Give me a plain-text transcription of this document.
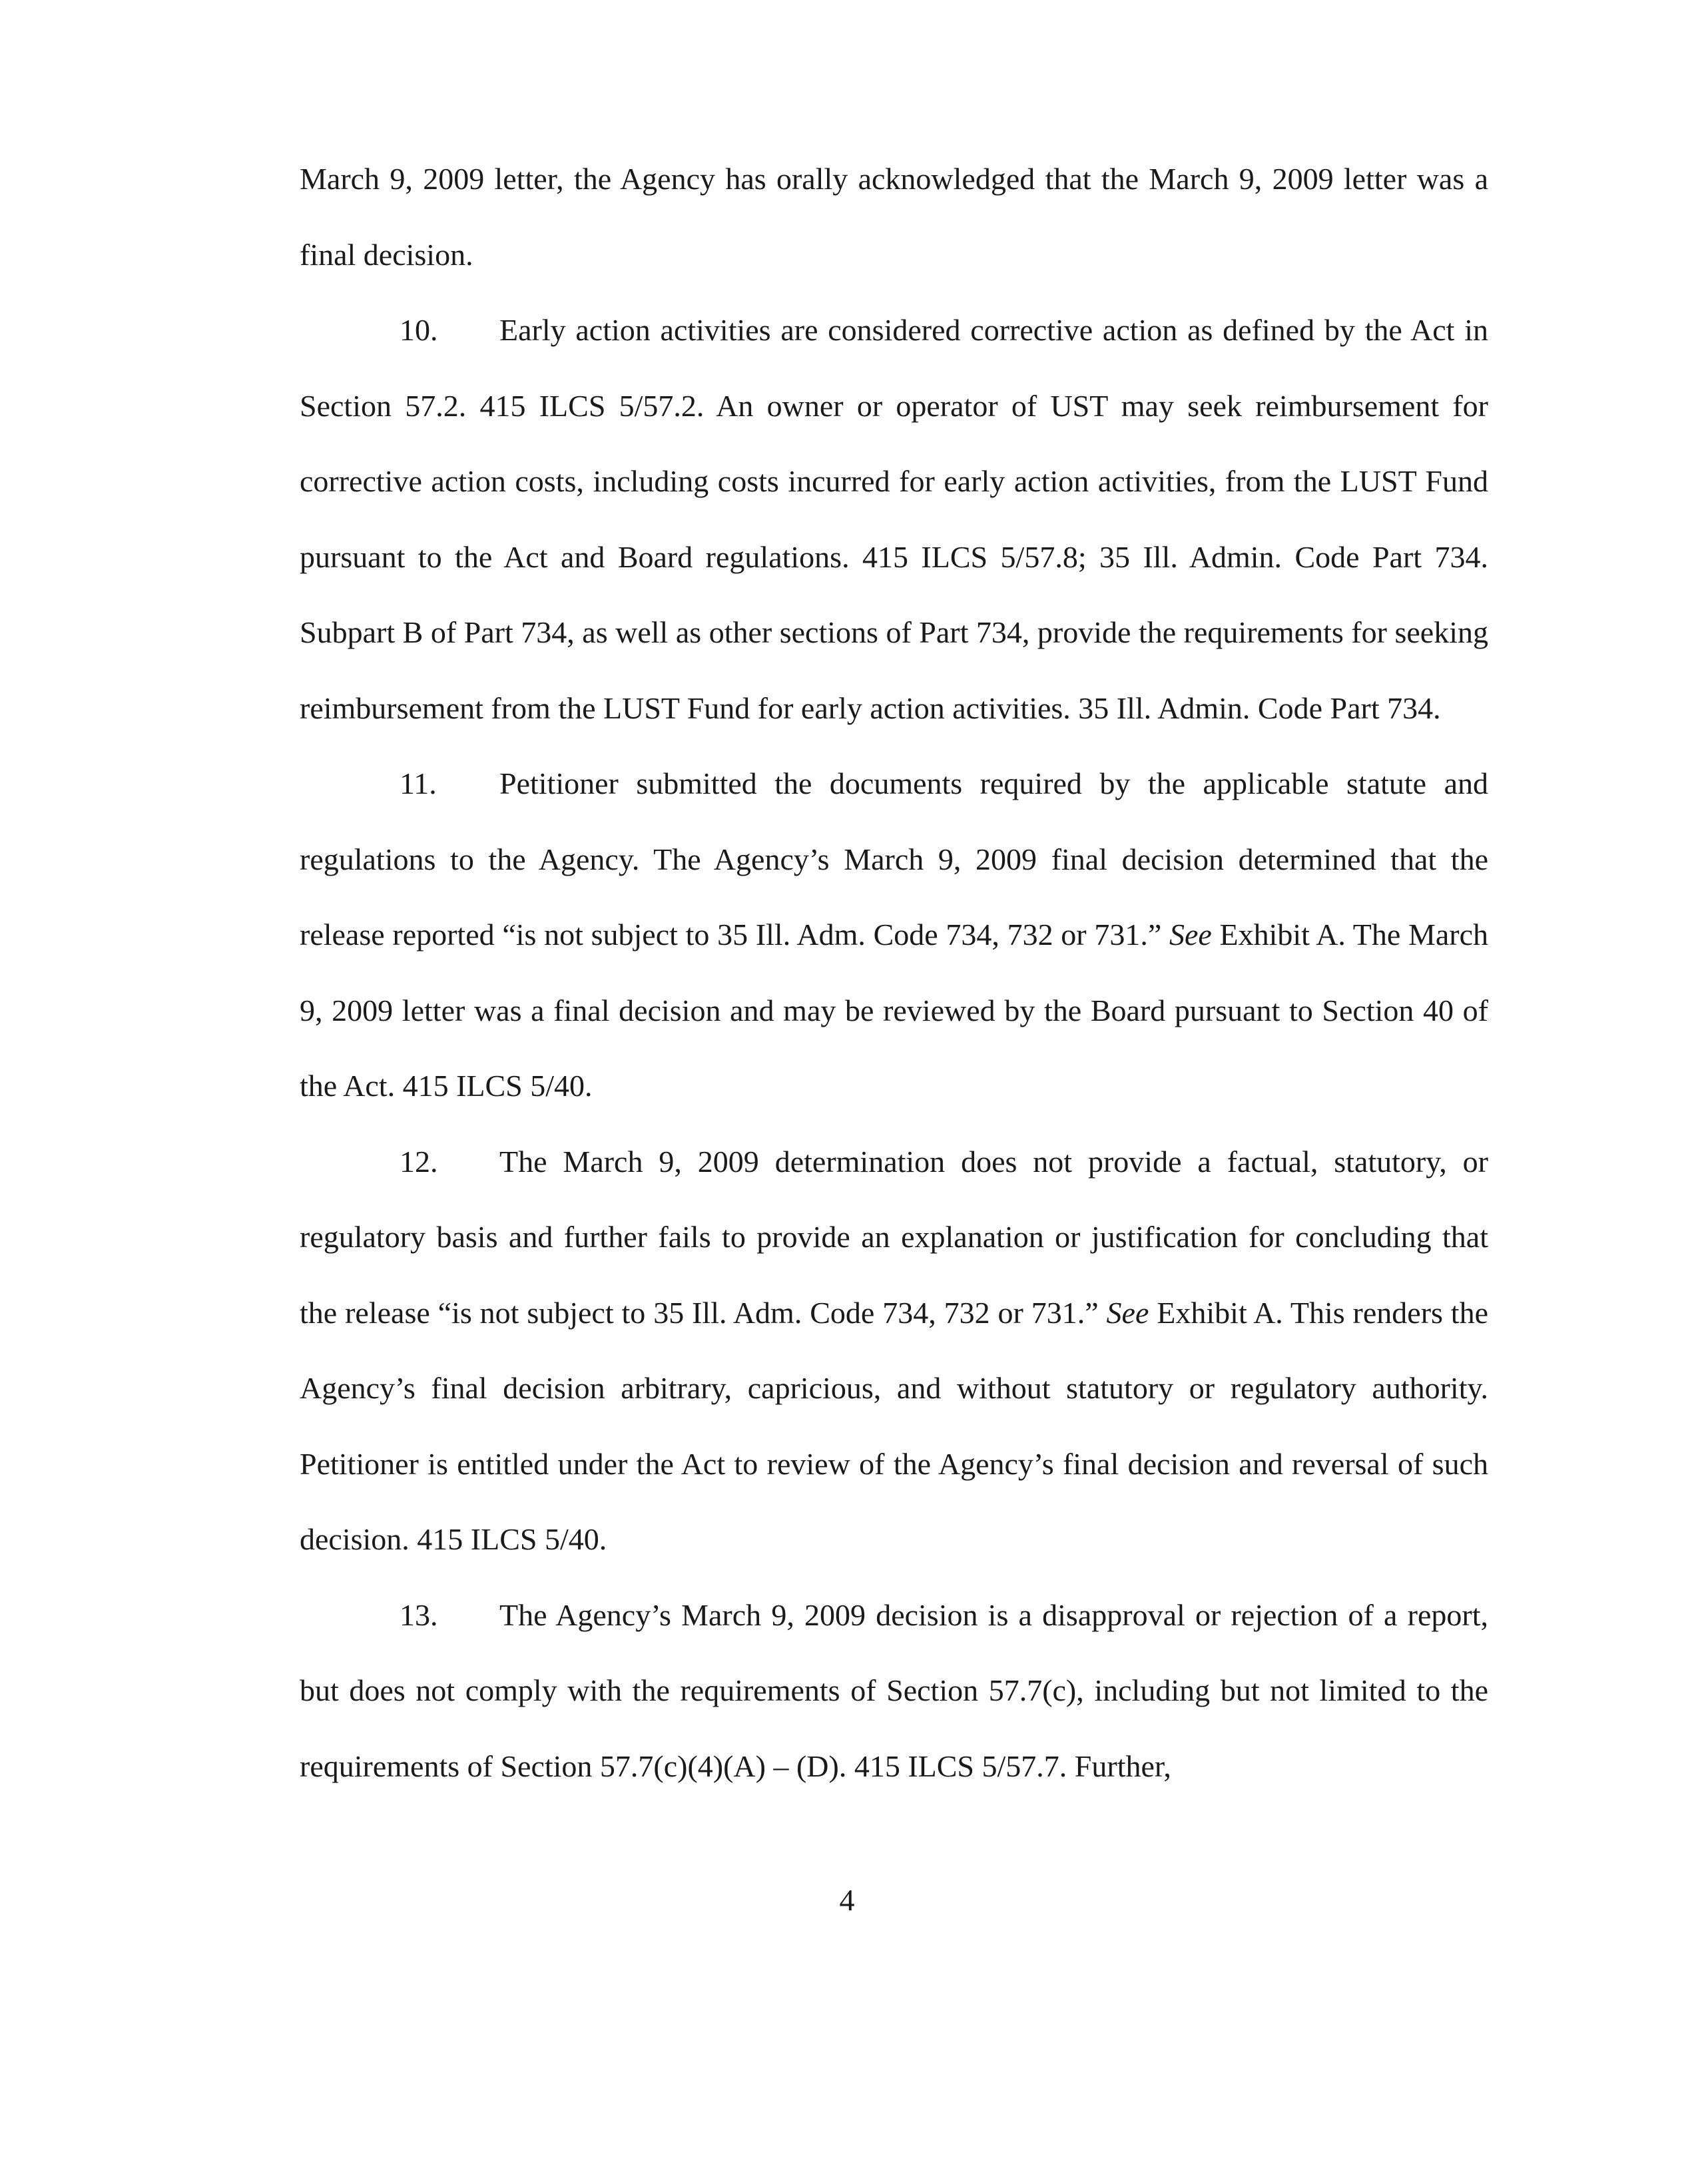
March 9, 2009 letter, the Agency has orally acknowledged that the March 9, 2009 letter was a final decision.

10. Early action activities are considered corrective action as defined by the Act in Section 57.2. 415 ILCS 5/57.2. An owner or operator of UST may seek reimbursement for corrective action costs, including costs incurred for early action activities, from the LUST Fund pursuant to the Act and Board regulations. 415 ILCS 5/57.8; 35 Ill. Admin. Code Part 734. Subpart B of Part 734, as well as other sections of Part 734, provide the requirements for seeking reimbursement from the LUST Fund for early action activities. 35 Ill. Admin. Code Part 734.

11. Petitioner submitted the documents required by the applicable statute and regulations to the Agency. The Agency’s March 9, 2009 final decision determined that the release reported “is not subject to 35 Ill. Adm. Code 734, 732 or 731.” See Exhibit A. The March 9, 2009 letter was a final decision and may be reviewed by the Board pursuant to Section 40 of the Act. 415 ILCS 5/40.

12. The March 9, 2009 determination does not provide a factual, statutory, or regulatory basis and further fails to provide an explanation or justification for concluding that the release “is not subject to 35 Ill. Adm. Code 734, 732 or 731.” See Exhibit A. This renders the Agency’s final decision arbitrary, capricious, and without statutory or regulatory authority. Petitioner is entitled under the Act to review of the Agency’s final decision and reversal of such decision. 415 ILCS 5/40.

13. The Agency’s March 9, 2009 decision is a disapproval or rejection of a report, but does not comply with the requirements of Section 57.7(c), including but not limited to the requirements of Section 57.7(c)(4)(A) – (D). 415 ILCS 5/57.7. Further,

4
